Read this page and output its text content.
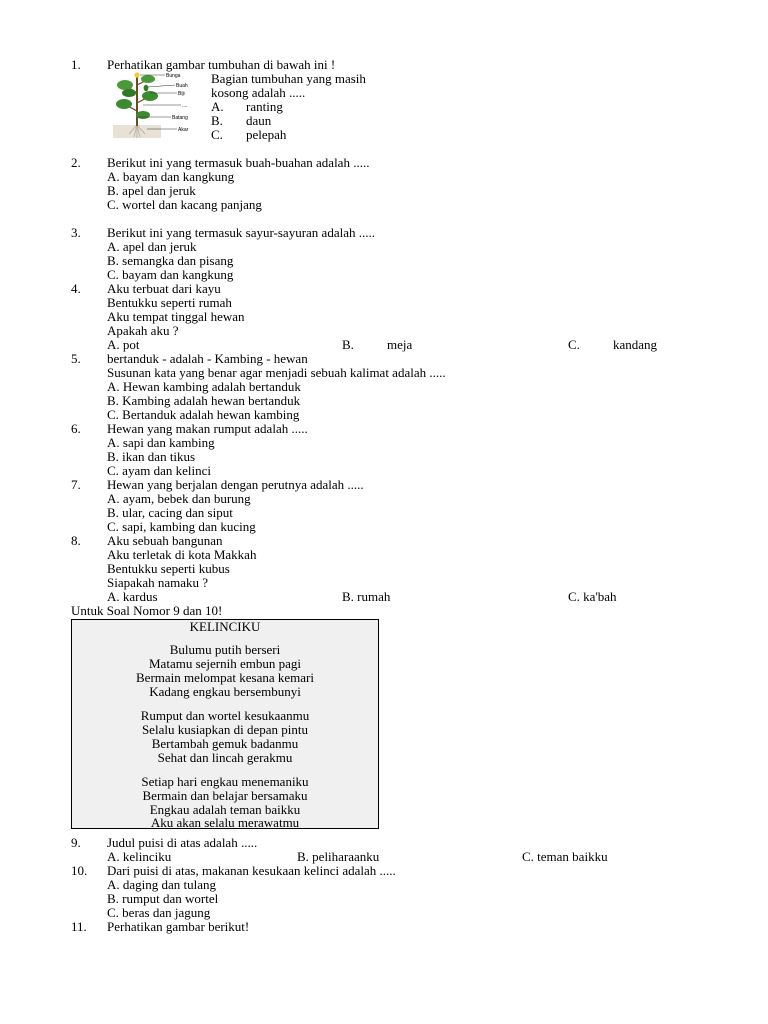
1. Perhatikan gambar tumbuhan di bawah ini !
Bunga
Buah
Biji
....
Batang
Akar
Bagian tumbuhan yang masih
kosong adalah .....
A. ranting
B. daun
C. pelepah
2. Berikut ini yang termasuk buah-buahan adalah .....
A. bayam dan kangkung
B. apel dan jeruk
C. wortel dan kacang panjang
3. Berikut ini yang termasuk sayur-sayuran adalah .....
A. apel dan jeruk
B. semangka dan pisang
C. bayam dan kangkung
4. Aku terbuat dari kayu
Bentukku seperti rumah
Aku tempat tinggal hewan
Apakah aku ?
A. pot	B.	meja	C.	kandang
5. bertanduk - adalah - Kambing - hewan
Susunan kata yang benar agar menjadi sebuah kalimat adalah .....
A. Hewan kambing adalah bertanduk
B. Kambing adalah hewan bertanduk
C. Bertanduk adalah hewan kambing
6. Hewan yang makan rumput adalah .....
A. sapi dan kambing
B. ikan dan tikus
C. ayam dan kelinci
7. Hewan yang berjalan dengan perutnya adalah .....
A. ayam, bebek dan burung
B. ular, cacing dan siput
C. sapi, kambing dan kucing
8. Aku sebuah bangunan
Aku terletak di kota Makkah
Bentukku seperti kubus
Siapakah namaku ?
A. kardus	B. rumah	C. ka'bah
Untuk Soal Nomor 9 dan 10!
KELINCIKU
Bulumu putih berseri
Matamu sejernih embun pagi
Bermain melompat kesana kemari
Kadang engkau bersembunyi
Rumput dan wortel kesukaanmu
Selalu kusiapkan di depan pintu
Bertambah gemuk badanmu
Sehat dan lincah gerakmu
Setiap hari engkau menemaniku
Bermain dan belajar bersamaku
Engkau adalah teman baikku
Aku akan selalu merawatmu
9. Judul puisi di atas adalah .....
A. kelinciku	B. peliharaanku	C. teman baikku
10. Dari puisi di atas, makanan kesukaan kelinci adalah .....
A. daging dan tulang
B. rumput dan wortel
C. beras dan jagung
11. Perhatikan gambar berikut!
